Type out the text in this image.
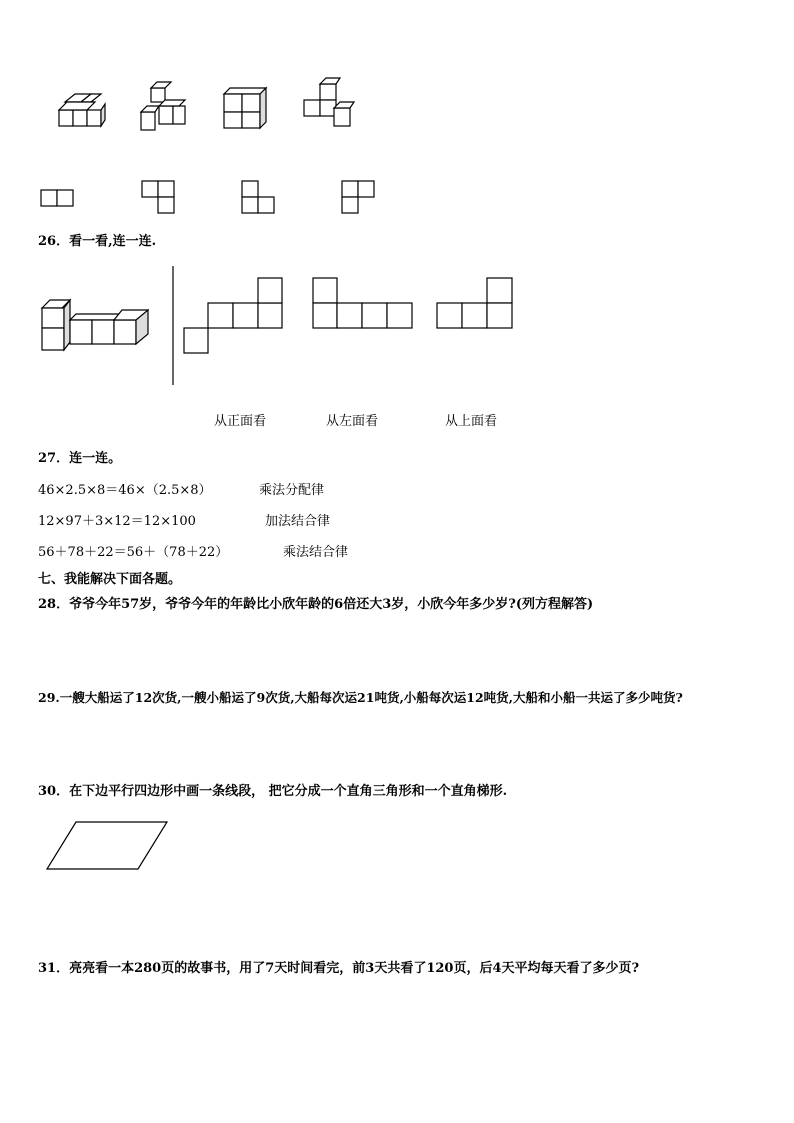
26．看一看,连一连.
从正面看	从左面看	从上面看
27．连一连。
46×2.5×8＝46×（2.5×8）	乘法分配律
12×97＋3×12＝12×100	加法结合律
56＋78＋22＝56＋（78＋22）	乘法结合律
七、我能解决下面各题。
28．爷爷今年57岁，爷爷今年的年龄比小欣年龄的6倍还大3岁，小欣今年多少岁?(列方程解答)
29.一艘大船运了12次货,一艘小船运了9次货,大船每次运21吨货,小船每次运12吨货,大船和小船一共运了多少吨货?
30．在下边平行四边形中画一条线段， 把它分成一个直角三角形和一个直角梯形.
31．亮亮看一本280页的故事书，用了7天时间看完，前3天共看了120页，后4天平均每天看了多少页?
